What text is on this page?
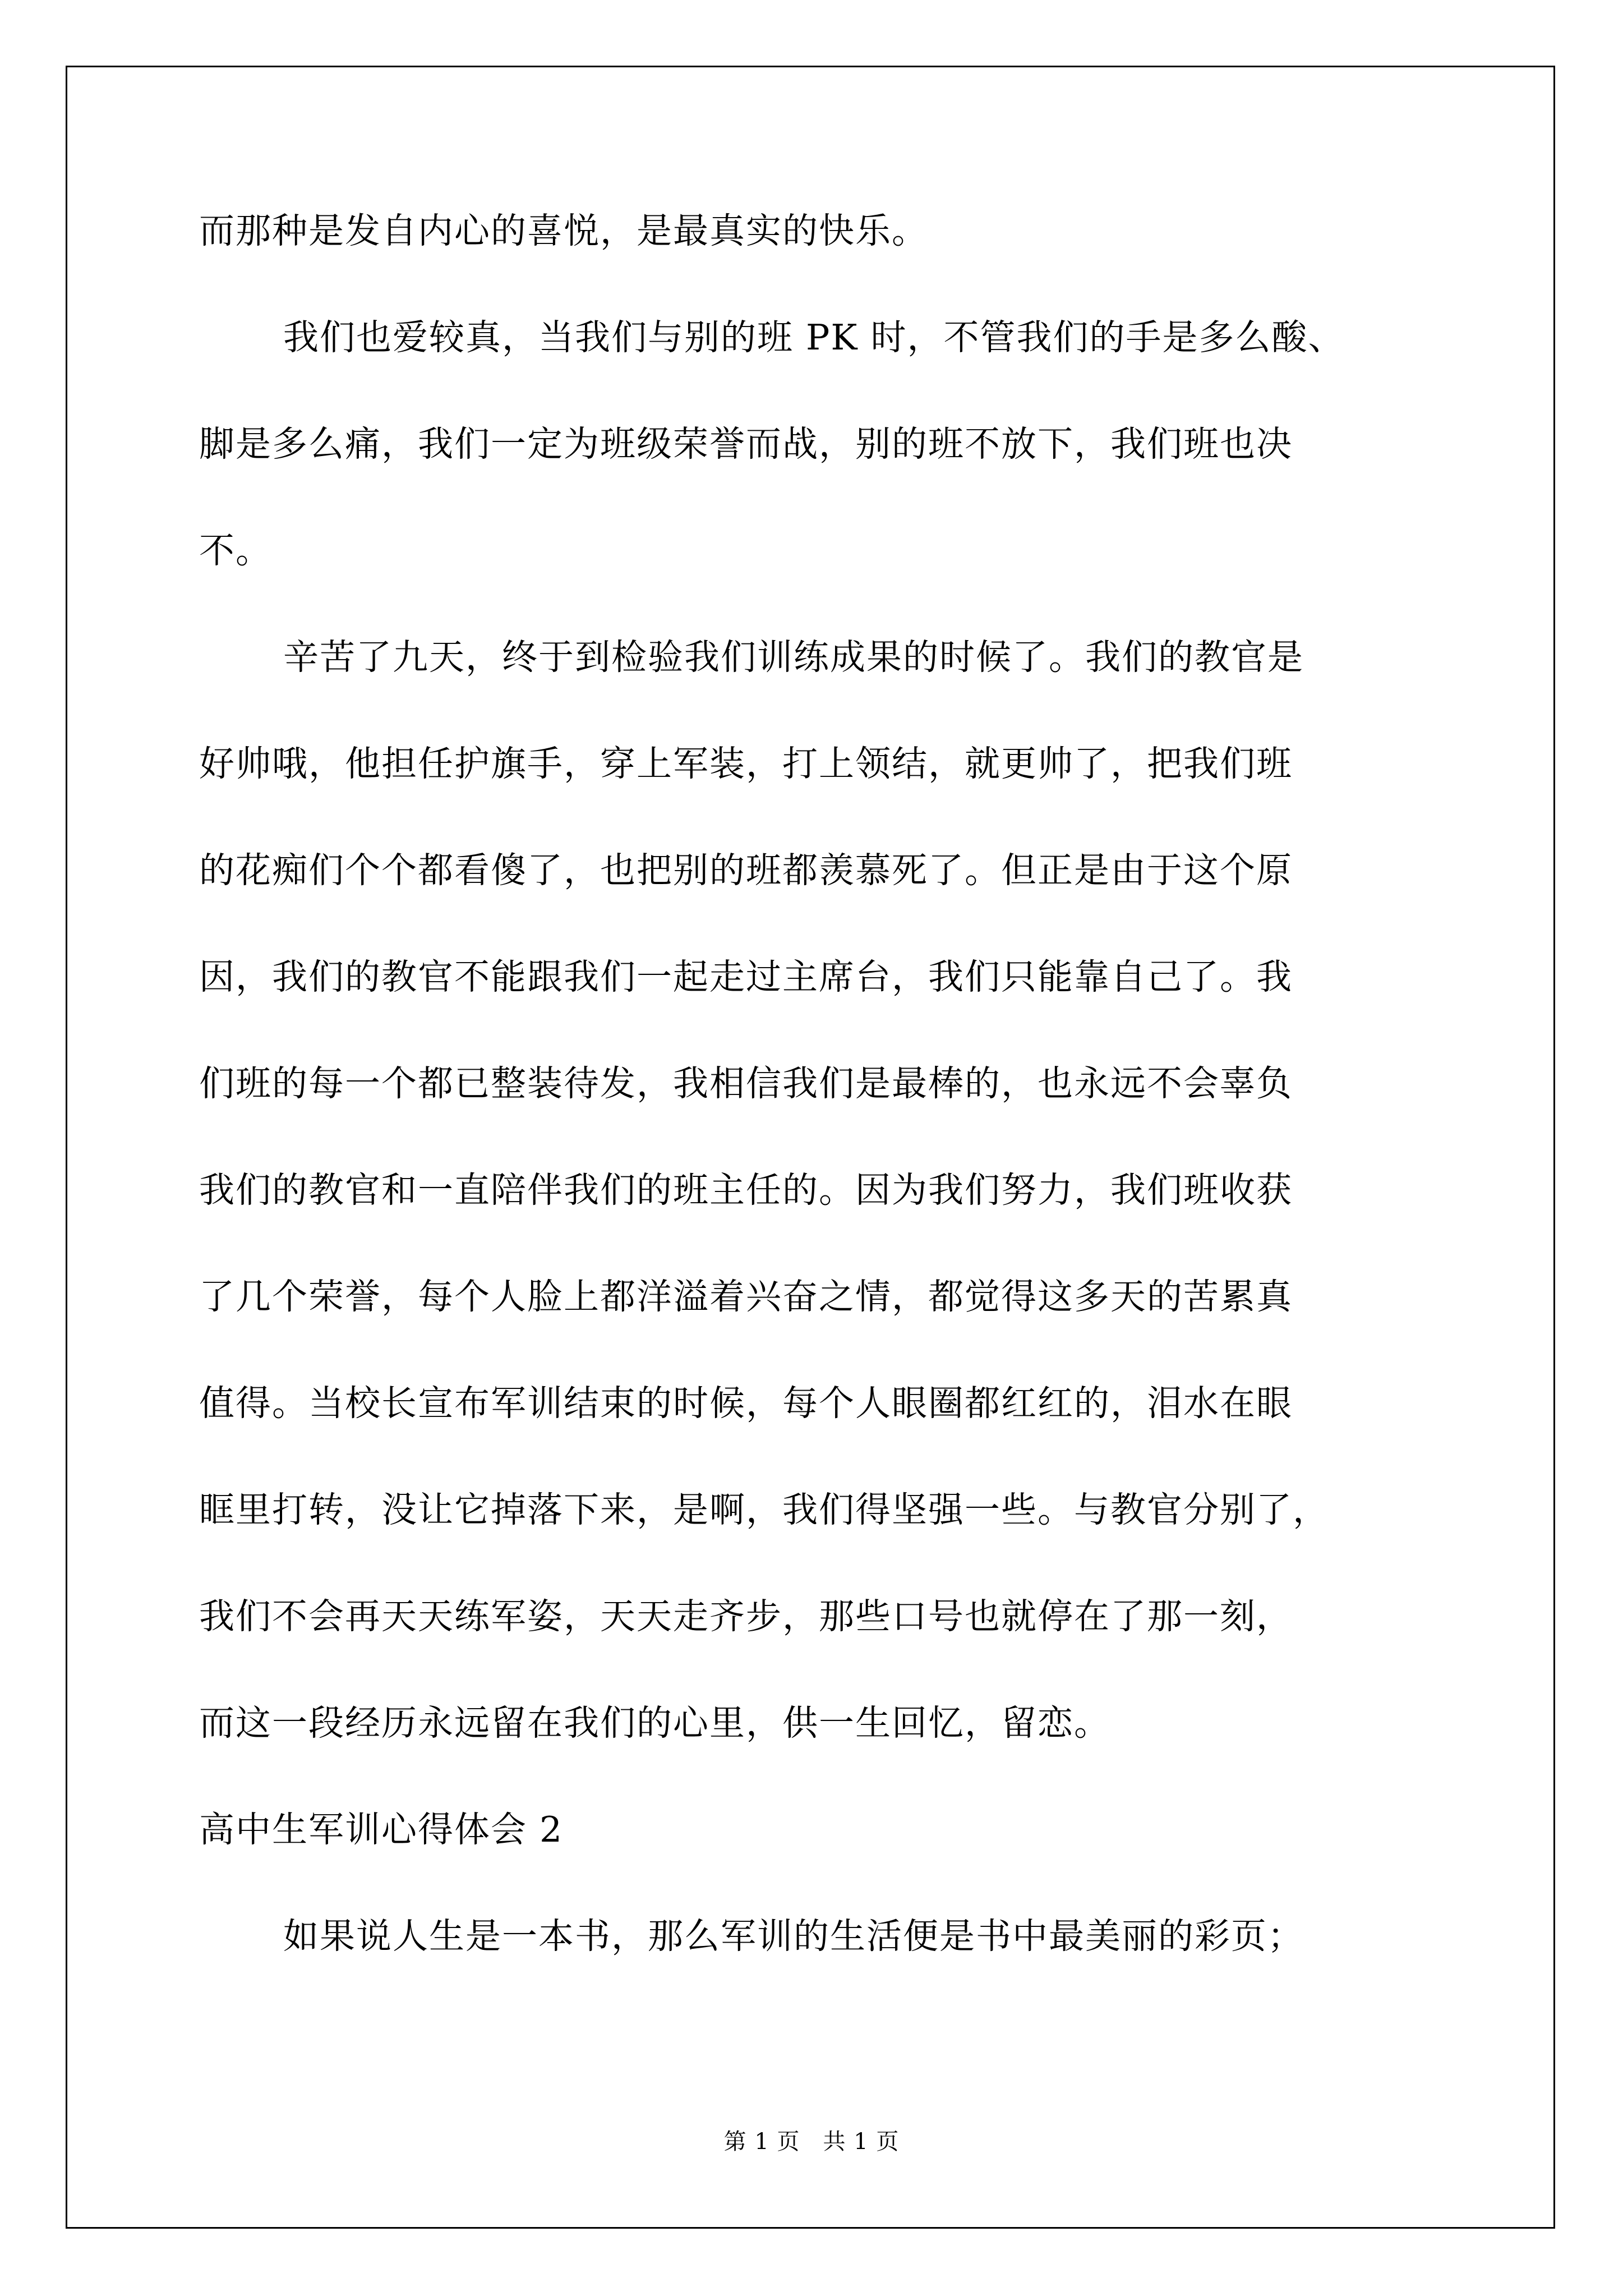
而那种是发自内心的喜悦，是最真实的快乐。
我们也爱较真，当我们与别的班 PK 时，不管我们的手是多么酸、
脚是多么痛，我们一定为班级荣誉而战，别的班不放下，我们班也决
不。
辛苦了九天，终于到检验我们训练成果的时候了。我们的教官是
好帅哦，他担任护旗手，穿上军装，打上领结，就更帅了，把我们班
的花痴们个个都看傻了，也把别的班都羡慕死了。但正是由于这个原
因，我们的教官不能跟我们一起走过主席台，我们只能靠自己了。我
们班的每一个都已整装待发，我相信我们是最棒的，也永远不会辜负
我们的教官和一直陪伴我们的班主任的。因为我们努力，我们班收获
了几个荣誉，每个人脸上都洋溢着兴奋之情，都觉得这多天的苦累真
值得。当校长宣布军训结束的时候，每个人眼圈都红红的，泪水在眼
眶里打转，没让它掉落下来，是啊，我们得坚强一些。与教官分别了，
我们不会再天天练军姿，天天走齐步，那些口号也就停在了那一刻，
而这一段经历永远留在我们的心里，供一生回忆，留恋。
高中生军训心得体会 2
如果说人生是一本书，那么军训的生活便是书中最美丽的彩页；
第 1 页　共 1 页
